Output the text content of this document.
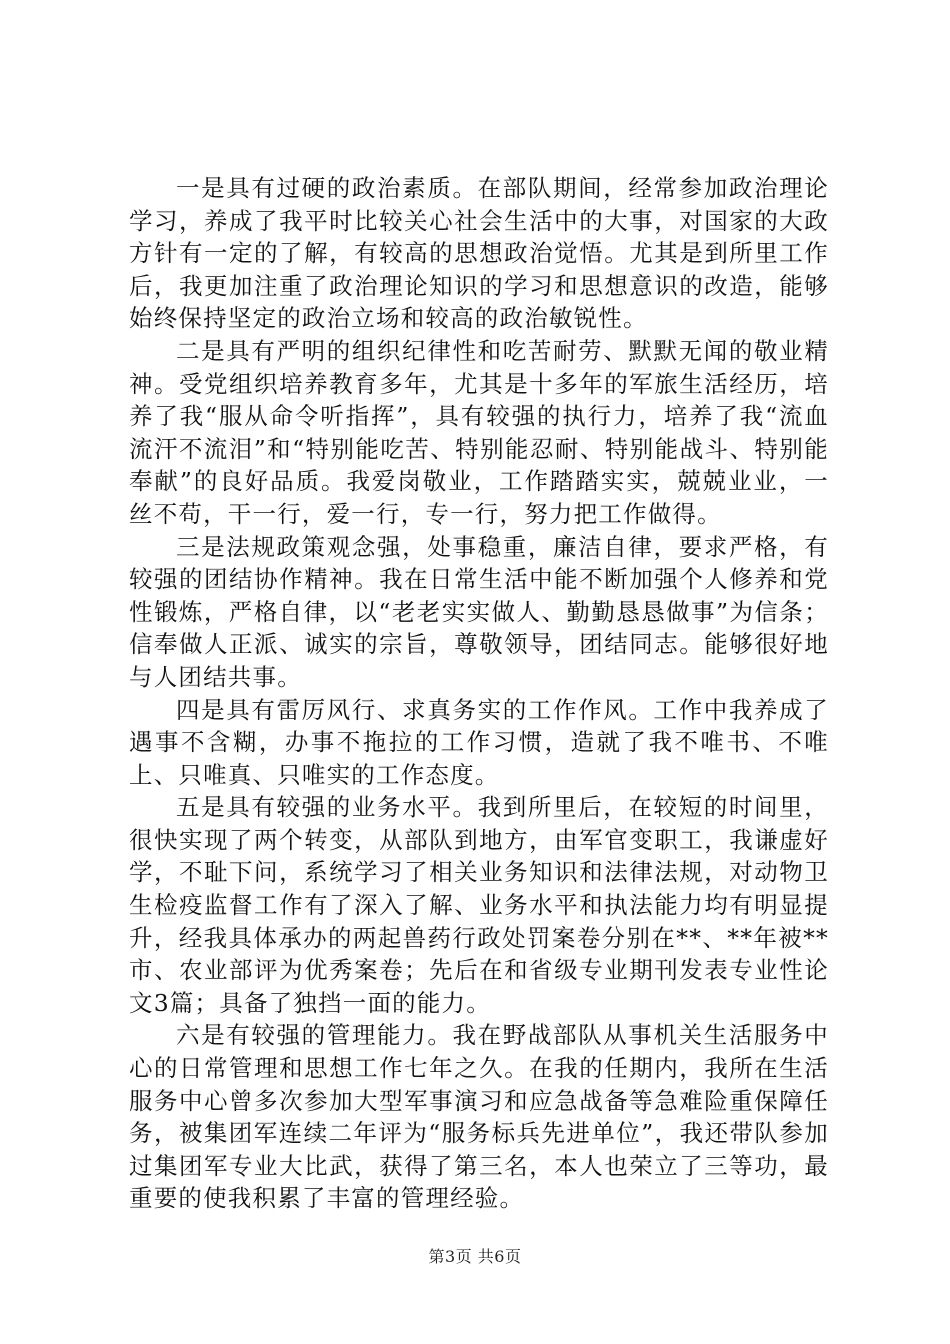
一是具有过硬的政治素质。在部队期间，经常参加政治理论学习，养成了我平时比较关心社会生活中的大事，对国家的大政方针有一定的了解，有较高的思想政治觉悟。尤其是到所里工作后，我更加注重了政治理论知识的学习和思想意识的改造，能够始终保持坚定的政治立场和较高的政治敏锐性。

二是具有严明的组织纪律性和吃苦耐劳、默默无闻的敬业精神。受党组织培养教育多年，尤其是十多年的军旅生活经历，培养了我“服从命令听指挥”，具有较强的执行力，培养了我“流血流汗不流泪”和“特别能吃苦、特别能忍耐、特别能战斗、特别能奉献”的良好品质。我爱岗敬业，工作踏踏实实，兢兢业业，一丝不苟，干一行，爱一行，专一行，努力把工作做得。

三是法规政策观念强，处事稳重，廉洁自律，要求严格，有较强的团结协作精神。我在日常生活中能不断加强个人修养和党性锻炼，严格自律，以“老老实实做人、勤勤恳恳做事”为信条；信奉做人正派、诚实的宗旨，尊敬领导，团结同志。能够很好地与人团结共事。

四是具有雷厉风行、求真务实的工作作风。工作中我养成了遇事不含糊，办事不拖拉的工作习惯，造就了我不唯书、不唯上、只唯真、只唯实的工作态度。

五是具有较强的业务水平。我到所里后，在较短的时间里，很快实现了两个转变，从部队到地方，由军官变职工，我谦虚好学，不耻下问，系统学习了相关业务知识和法律法规，对动物卫生检疫监督工作有了深入了解、业务水平和执法能力均有明显提升，经我具体承办的两起兽药行政处罚案卷分别在**、**年被**市、农业部评为优秀案卷；先后在和省级专业期刊发表专业性论文3篇；具备了独挡一面的能力。

六是有较强的管理能力。我在野战部队从事机关生活服务中心的日常管理和思想工作七年之久。在我的任期内，我所在生活服务中心曾多次参加大型军事演习和应急战备等急难险重保障任务，被集团军连续二年评为“服务标兵先进单位”，我还带队参加过集团军专业大比武，获得了第三名，本人也荣立了三等功，最重要的使我积累了丰富的管理经验。

第3页 共6页
